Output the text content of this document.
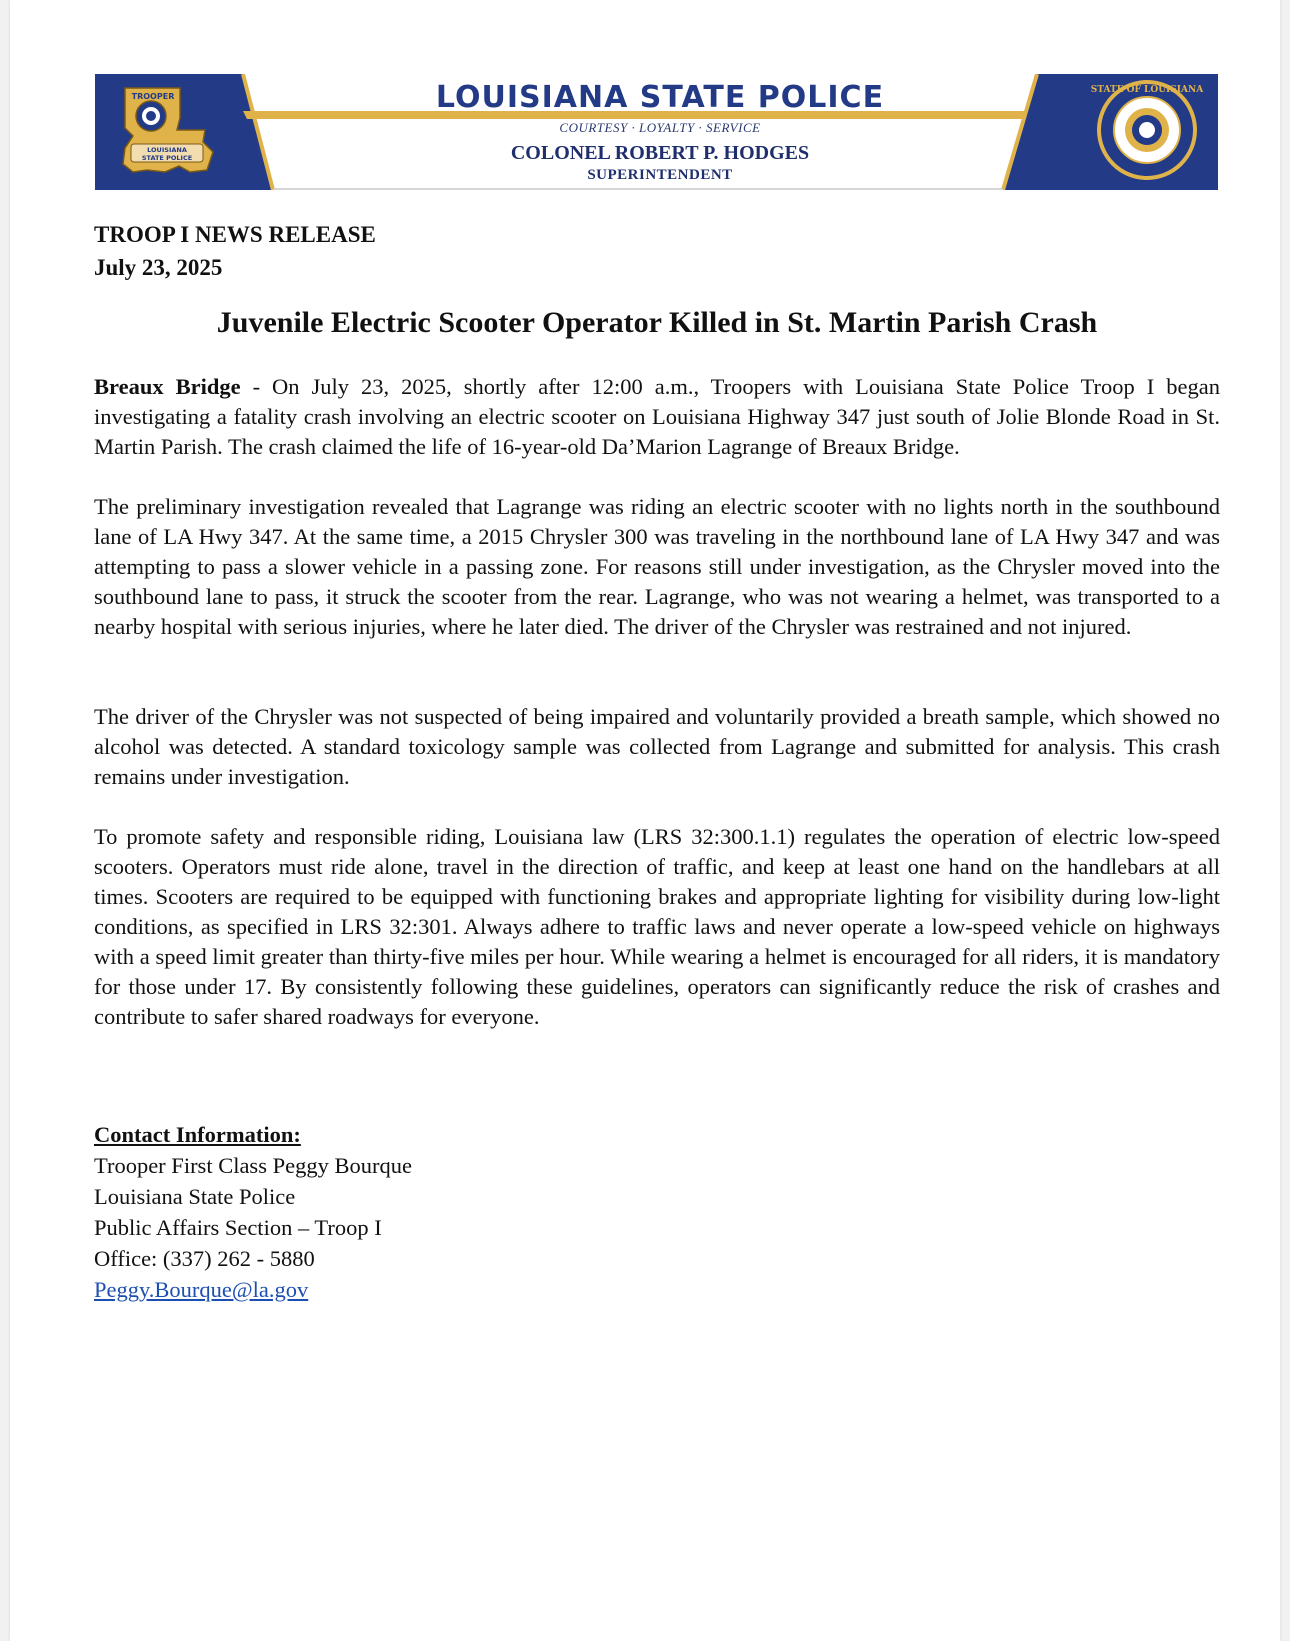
TROOPER
LOUISIANA
STATE POLICE
STATE OF LOUISIANA
LOUISIANA STATE POLICE
COURTESY · LOYALTY · SERVICE
COLONEL ROBERT P. HODGES
SUPERINTENDENT

TROOP I NEWS RELEASE

July 23, 2025

Juvenile Electric Scooter Operator Killed in St. Martin Parish Crash

Breaux Bridge - On July 23, 2025, shortly after 12:00 a.m., Troopers with Louisiana State Police Troop I began investigating a fatality crash involving an electric scooter on Louisiana Highway 347 just south of Jolie Blonde Road in St. Martin Parish. The crash claimed the life of 16-year-old Da’Marion Lagrange of Breaux Bridge.

The preliminary investigation revealed that Lagrange was riding an electric scooter with no lights north in the southbound lane of LA Hwy 347. At the same time, a 2015 Chrysler 300 was traveling in the northbound lane of LA Hwy 347 and was attempting to pass a slower vehicle in a passing zone. For reasons still under investigation, as the Chrysler moved into the southbound lane to pass, it struck the scooter from the rear. Lagrange, who was not wearing a helmet, was transported to a nearby hospital with serious injuries, where he later died. The driver of the Chrysler was restrained and not injured.

The driver of the Chrysler was not suspected of being impaired and voluntarily provided a breath sample, which showed no alcohol was detected. A standard toxicology sample was collected from Lagrange and submitted for analysis. This crash remains under investigation.

To promote safety and responsible riding, Louisiana law (LRS 32:300.1.1) regulates the operation of electric low-speed scooters. Operators must ride alone, travel in the direction of traffic, and keep at least one hand on the handlebars at all times. Scooters are required to be equipped with functioning brakes and appropriate lighting for visibility during low-light conditions, as specified in LRS 32:301. Always adhere to traffic laws and never operate a low-speed vehicle on highways with a speed limit greater than thirty-five miles per hour. While wearing a helmet is encouraged for all riders, it is mandatory for those under 17. By consistently following these guidelines, operators can significantly reduce the risk of crashes and contribute to safer shared roadways for everyone.

Contact Information:
Trooper First Class Peggy Bourque
Louisiana State Police
Public Affairs Section – Troop I
Office: (337) 262 - 5880
Peggy.Bourque@la.gov
